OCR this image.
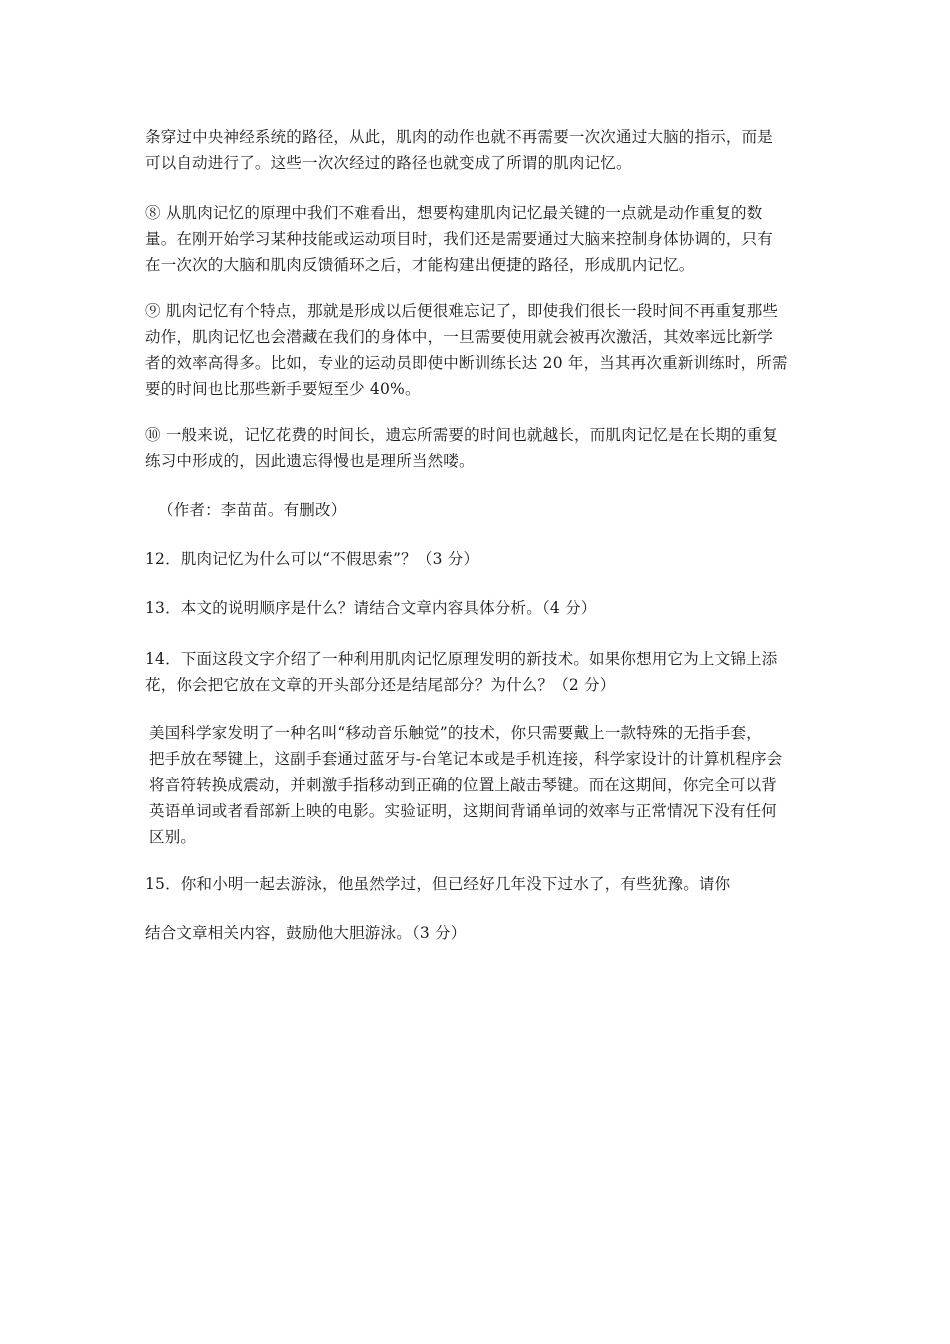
条穿过中央神经系统的路径，从此，肌肉的动作也就不再需要一次次通过大脑的指示，而是
可以自动进行了。这些一次次经过的路径也就变成了所谓的肌肉记忆。
⑧ 从肌肉记忆的原理中我们不难看出，想要构建肌肉记忆最关键的一点就是动作重复的数
量。在刚开始学习某种技能或运动项目时，我们还是需要通过大脑来控制身体协调的，只有
在一次次的大脑和肌肉反馈循环之后，才能构建出便捷的路径，形成肌内记忆。
⑨ 肌肉记忆有个特点，那就是形成以后便很难忘记了，即使我们很长一段时间不再重复那些
动作，肌肉记忆也会潜藏在我们的身体中，一旦需要使用就会被再次激活，其效率远比新学
者的效率高得多。比如，专业的运动员即使中断训练长达 20 年，当其再次重新训练时，所需
要的时间也比那些新手要短至少 40%。
⑩ 一般来说，记忆花费的时间长，遗忘所需要的时间也就越长，而肌肉记忆是在长期的重复
练习中形成的，因此遗忘得慢也是理所当然喽。
（作者：李苗苗。有删改）
12．肌肉记忆为什么可以“不假思索”？（3 分）
13．本文的说明顺序是什么？请结合文章内容具体分析。（4 分）
14．下面这段文字介绍了一种利用肌肉记忆原理发明的新技术。如果你想用它为上文锦上添
花，你会把它放在文章的开头部分还是结尾部分？为什么？（2 分）
美国科学家发明了一种名叫“移动音乐触觉”的技术，你只需要戴上一款特殊的无指手套，
把手放在琴键上，这副手套通过蓝牙与-台笔记本或是手机连接，科学家设计的计算机程序会
将音符转换成震动，并刺激手指移动到正确的位置上敲击琴键。而在这期间，你完全可以背
英语单词或者看部新上映的电影。实验证明，这期间背诵单词的效率与正常情况下没有任何
区别。
15．你和小明一起去游泳，他虽然学过，但已经好几年没下过水了，有些犹豫。请你
结合文章相关内容，鼓励他大胆游泳。（3 分）
